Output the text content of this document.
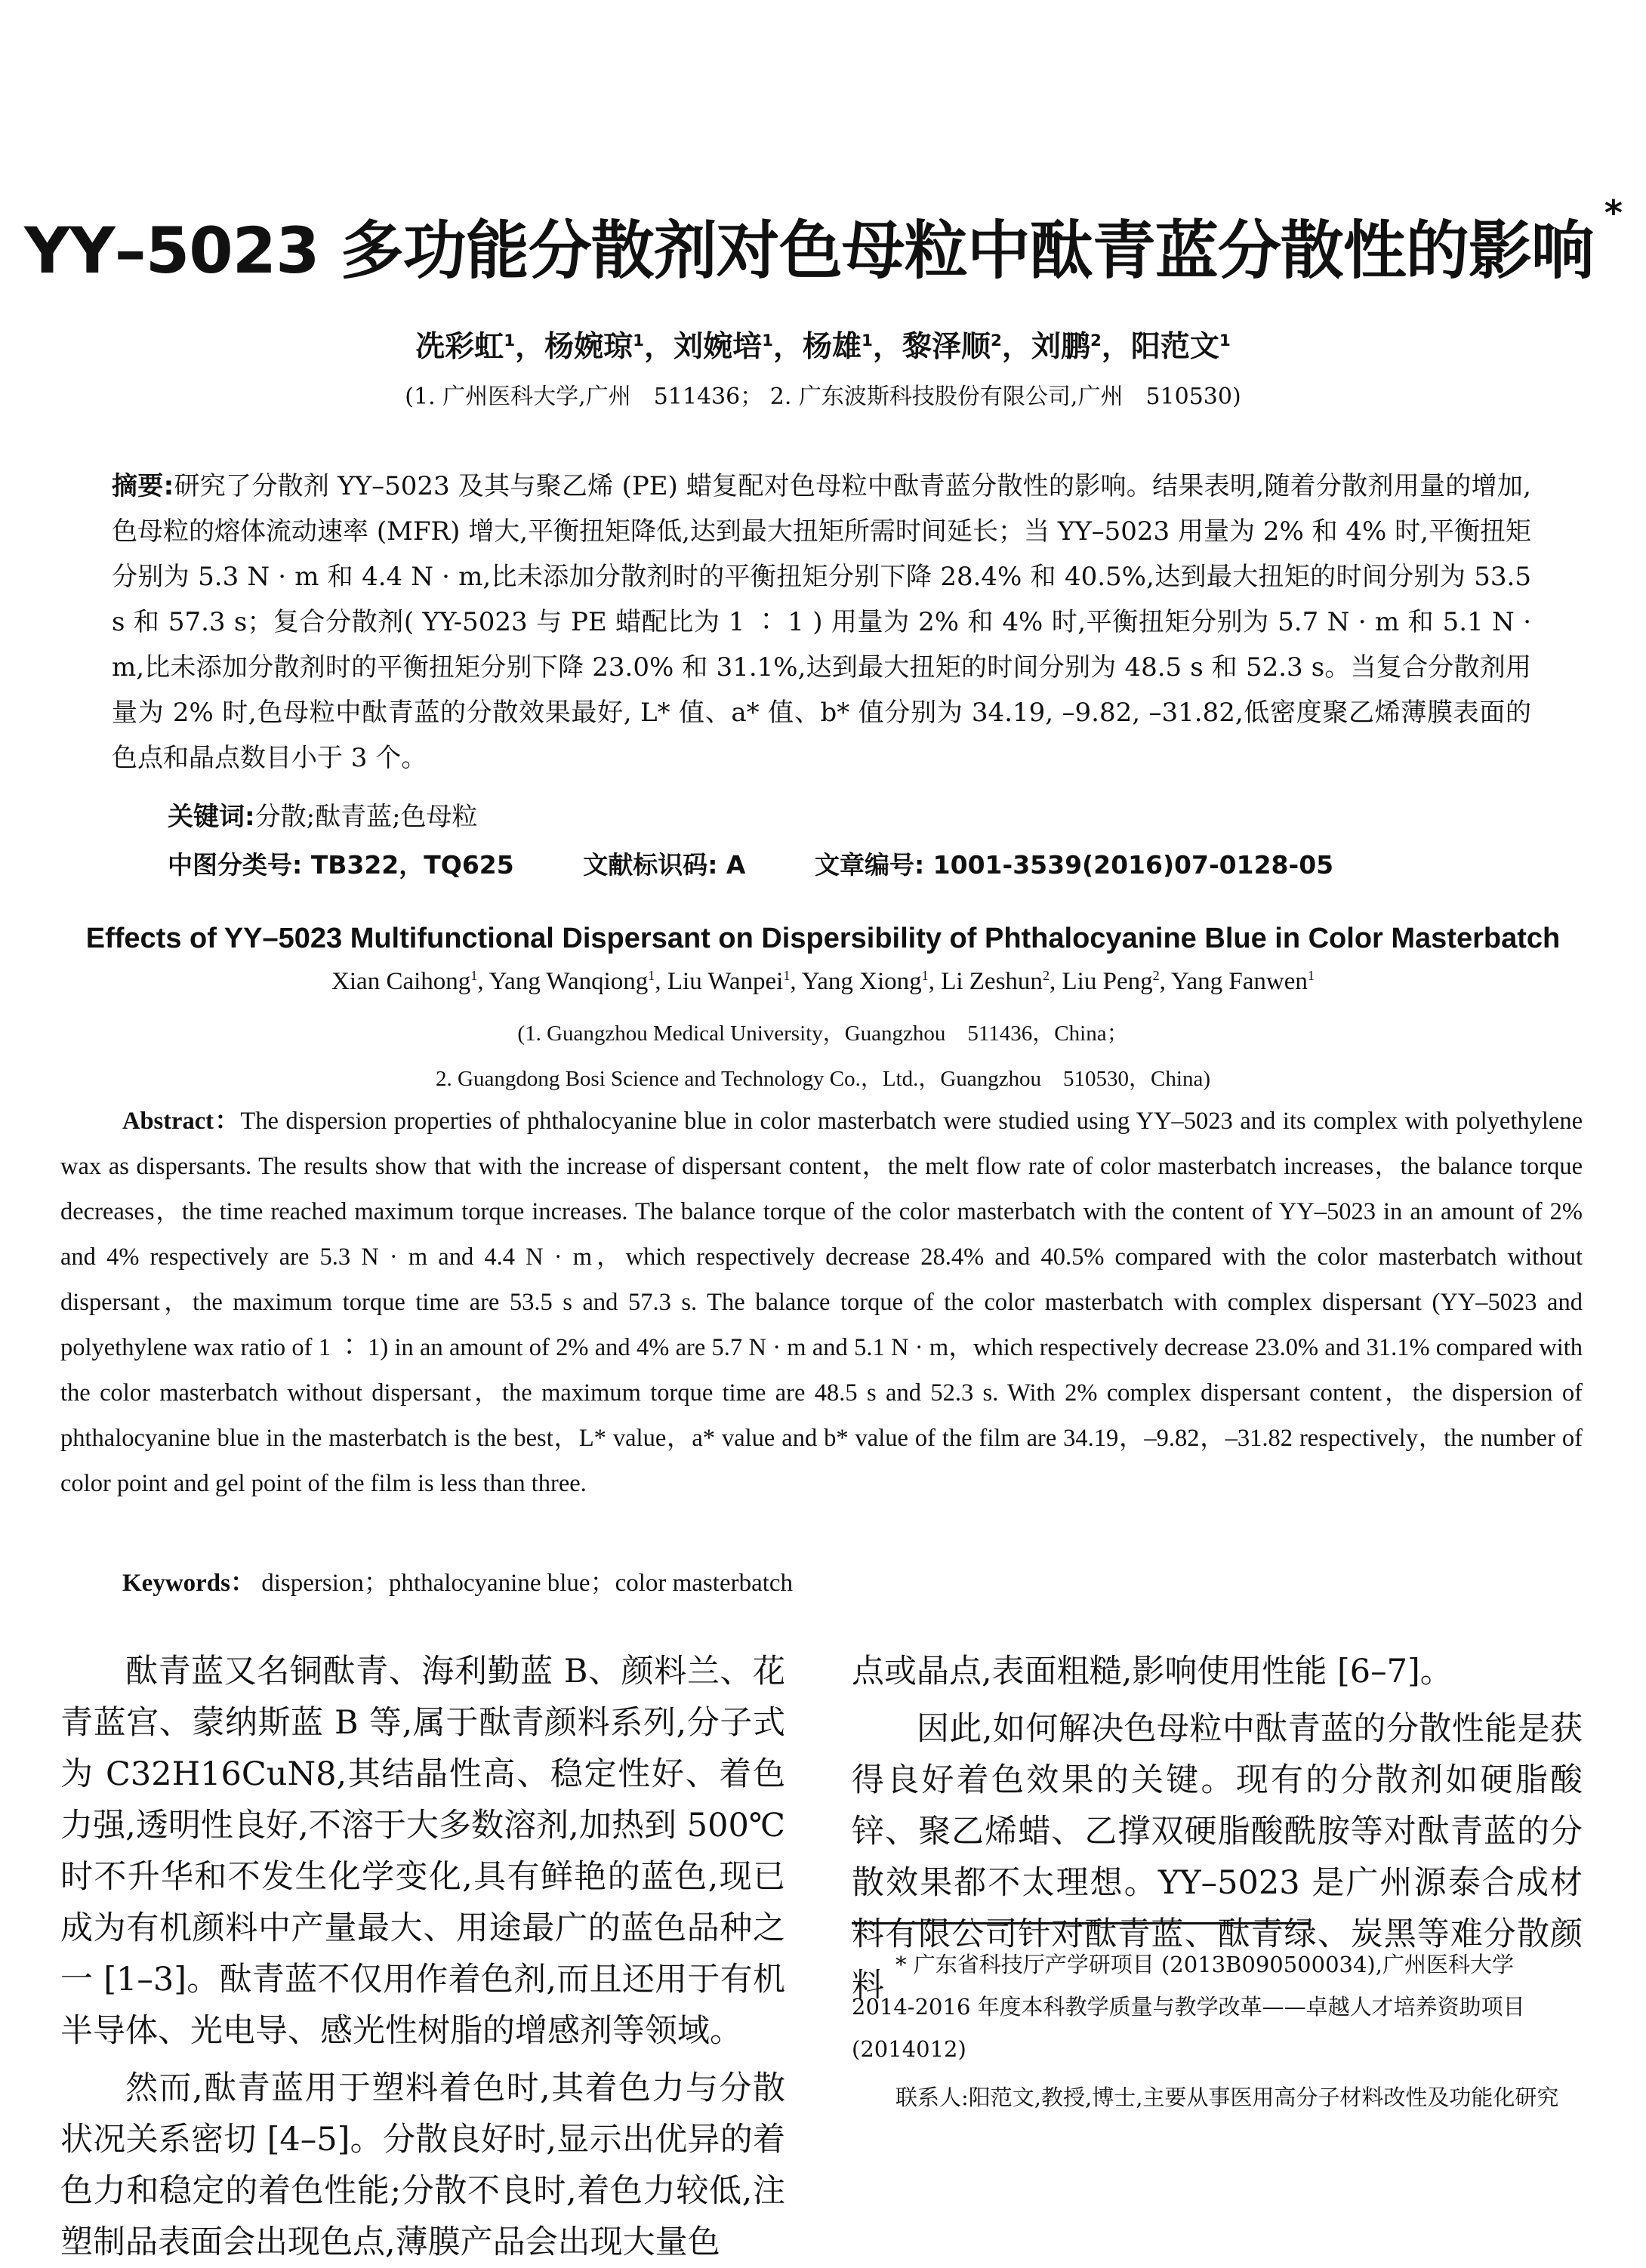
YY–5023 多功能分散剂对色母粒中酞青蓝分散性的影响*
冼彩虹$^1$，杨婉琼$^1$，刘婉培$^1$，杨雄$^1$，黎泽顺$^2$，刘鹏$^2$，阳范文$^1$
(1. 广州医科大学,广州　511436； 2. 广东波斯科技股份有限公司,广州　510530)
摘要:研究了分散剂 YY–5023 及其与聚乙烯 (PE) 蜡复配对色母粒中酞青蓝分散性的影响。结果表明,随着分散剂用量的增加,色母粒的熔体流动速率 (MFR) 增大,平衡扭矩降低,达到最大扭矩所需时间延长；当 YY–5023 用量为 2% 和 4% 时,平衡扭矩分别为 5.3 N · m 和 4.4 N · m,比未添加分散剂时的平衡扭矩分别下降 28.4% 和 40.5%,达到最大扭矩的时间分别为 53.5 s 和 57.3 s；复合分散剂( YY-5023 与 PE 蜡配比为 1 ∶ 1 ) 用量为 2% 和 4% 时,平衡扭矩分别为 5.7 N · m 和 5.1 N · m,比未添加分散剂时的平衡扭矩分别下降 23.0% 和 31.1%,达到最大扭矩的时间分别为 48.5 s 和 52.3 s。当复合分散剂用量为 2% 时,色母粒中酞青蓝的分散效果最好, L* 值、a* 值、b* 值分别为 34.19, –9.82, –31.82,低密度聚乙烯薄膜表面的色点和晶点数目小于 3 个。
关键词:分散;酞青蓝;色母粒
中图分类号: TB322，TQ625	文献标识码: A	文章编号: 1001-3539(2016)07-0128-05
Effects of YY–5023 Multifunctional Dispersant on Dispersibility of Phthalocyanine Blue in Color Masterbatch
Xian Caihong$^1$, Yang Wanqiong$^1$, Liu Wanpei$^1$, Yang Xiong$^1$, Li Zeshun$^2$, Liu Peng$^2$, Yang Fanwen$^1$
(1. Guangzhou Medical University，Guangzhou　511436，China；
2. Guangdong Bosi Science and Technology Co.，Ltd.，Guangzhou　510530，China)
Abstract：The dispersion properties of phthalocyanine blue in color masterbatch were studied using YY–5023 and its complex with polyethylene wax as dispersants. The results show that with the increase of dispersant content，the melt flow rate of color masterbatch increases，the balance torque decreases，the time reached maximum torque increases. The balance torque of the color masterbatch with the content of YY–5023 in an amount of 2% and 4% respectively are 5.3 N · m and 4.4 N · m，which respectively decrease 28.4% and 40.5% compared with the color masterbatch without dispersant，the maximum torque time are 53.5 s and 57.3 s. The balance torque of the color masterbatch with complex dispersant (YY–5023 and polyethylene wax ratio of 1 ∶ 1) in an amount of 2% and 4% are 5.7 N · m and 5.1 N · m，which respectively decrease 23.0% and 31.1% compared with the color masterbatch without dispersant，the maximum torque time are 48.5 s and 52.3 s. With 2% complex dispersant content，the dispersion of phthalocyanine blue in the masterbatch is the best，L* value，a* value and b* value of the film are 34.19，–9.82，–31.82 respectively，the number of color point and gel point of the film is less than three.
Keywords： dispersion；phthalocyanine blue；color masterbatch

酞青蓝又名铜酞青、海利勤蓝 B、颜料兰、花青蓝宫、蒙纳斯蓝 B 等,属于酞青颜料系列,分子式为 C32H16CuN8,其结晶性高、稳定性好、着色力强,透明性良好,不溶于大多数溶剂,加热到 500℃时不升华和不发生化学变化,具有鲜艳的蓝色,现已成为有机颜料中产量最大、用途最广的蓝色品种之一 [1–3]。酞青蓝不仅用作着色剂,而且还用于有机半导体、光电导、感光性树脂的增感剂等领域。

然而,酞青蓝用于塑料着色时,其着色力与分散状况关系密切 [4–5]。分散良好时,显示出优异的着色力和稳定的着色性能;分散不良时,着色力较低,注塑制品表面会出现色点,薄膜产品会出现大量色

点或晶点,表面粗糙,影响使用性能 [6–7]。

因此,如何解决色母粒中酞青蓝的分散性能是获得良好着色效果的关键。现有的分散剂如硬脂酸锌、聚乙烯蜡、乙撑双硬脂酸酰胺等对酞青蓝的分散效果都不太理想。YY–5023 是广州源泰合成材料有限公司针对酞青蓝、酞青绿、炭黑等难分散颜料

* 广东省科技厅产学研项目 (2013B090500034),广州医科大学 2014-2016 年度本科教学质量与教学改革——卓越人才培养资助项目 (2014012)

联系人:阳范文,教授,博士,主要从事医用高分子材料改性及功能化研究
